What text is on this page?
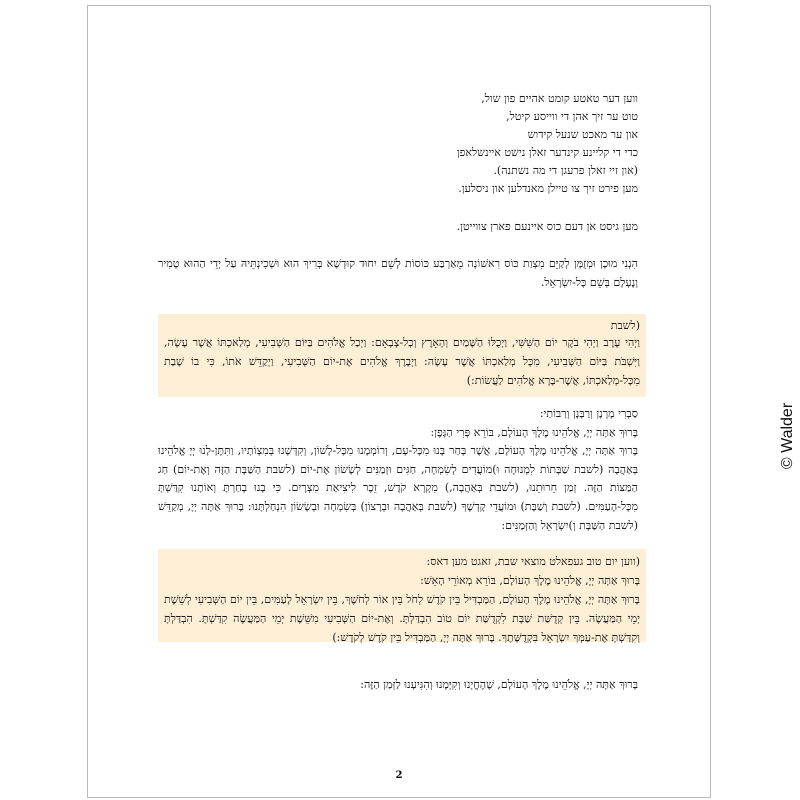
ווען דער טאטע קומט אהיים פון שול,
טוט ער זיך אהן די ווייסע קיטל,
און ער מאכט שנעל קידוש
כדי די קליינע קינדער זאלן נישט איינשלאפן
(און זיי זאלן פרעגן די מה נשתנה).
מען פירט זיך צו טיילן מאנדלען און ניסלען.
מען גיסט אן דעם כוס איינעם פארן צווייטן.
הִנְנִי מוּכָן וּמְזֻמָּן לְקַיֵּם מִצְוַת כּוֹס רִאשׁוֹנָה מֵאַרְבַּע כּוֹסוֹת לְשֵׁם יִחוּד קוּדְשָׁא בְּרִיךְ הוּא וּשְׁכִינְתֵּיהּ עַל יְדֵי הַהוּא טָמִיר וְנֶעְלָם בְּשֵׁם כָּל-יִשְׂרָאֵל.
(לשבת
וַיְהִי עֶרֶב וַיְהִי בֹקֶר יוֹם הַשִּׁשִּׁי, וַיְכֻלּוּ הַשָּׁמַיִם וְהָאָרֶץ וְכָל-צְבָאָם: וַיְכַל אֱלֹהִים בַּיּוֹם הַשְּׁבִיעִי, מְלַאכְתּוֹ אֲשֶׁר עָשָׂה, וַיִּשְׁבֹּת בַּיּוֹם הַשְּׁבִיעִי, מִכָּל מְלַאכְתּוֹ אֲשֶׁר עָשָׂה: וַיְבָרֶךְ אֱלֹהִים אֶת-יוֹם הַשְּׁבִיעִי, וַיְקַדֵּשׁ אֹתוֹ, כִּי בוֹ שָׁבַת מִכָּל-מְלַאכְתּוֹ, אֲשֶׁר-בָּרָא אֱלֹהִים לַעֲשׂוֹת:)
סַבְרִי מָרָנָן וְרַבָּנָן וְרַבּוֹתַי:
בָּרוּךְ אַתָּה יְיָ, אֱלֹהֵינוּ מֶלֶךְ הָעוֹלָם, בּוֹרֵא פְּרִי הַגָּפֶן:
בָּרוּךְ אַתָּה יְיָ, אֱלֹהֵינוּ מֶלֶךְ הָעוֹלָם, אֲשֶׁר בָּחַר בָּנוּ מִכָּל-עָם, וְרוֹמְמָנוּ מִכָּל-לָשׁוֹן, וְקִדְּשָׁנוּ בְּמִצְוֹתָיו, וַתִּתֶּן-לָנוּ יְיָ אֱלֹהֵינוּ בְּאַהֲבָה (לשבת שַׁבָּתוֹת לִמְנוּחָה וּ)מוֹעֲדִים לְשִׂמְחָה, חַגִּים וּזְמַנִּים לְשָׂשׂוֹן אֶת-יוֹם (לשבת הַשַּׁבָּת הַזֶּה וְאֶת-יוֹם) חַג הַמַּצּוֹת הַזֶּה. זְמַן חֵרוּתֵנוּ, (לשבת בְּאַהֲבָה,) מִקְרָא קֹדֶשׁ, זֵכֶר לִיצִיאַת מִצְרָיִם. כִּי בָנוּ בָחַרְתָּ וְאוֹתָנוּ קִדַּשְׁתָּ מִכָּל-הָעַמִּים. (לשבת וְשַׁבָּת) וּמוֹעֲדֵי קָדְשֶׁךָ (לשבת בְּאַהֲבָה וּבְרָצוֹן) בְּשִׂמְחָה וּבְשָׂשׂוֹן הִנְחַלְתָּנוּ: בָּרוּךְ אַתָּה יְיָ, מְקַדֵּשׁ (לשבת הַשַּׁבָּת וְ)יִשְׂרָאֵל וְהַזְּמַנִּים:
(ווען יום טוב געפאלט מוצאי שבת, זאגט מען דאס:
בָּרוּךְ אַתָּה יְיָ, אֱלֹהֵינוּ מֶלֶךְ הָעוֹלָם, בּוֹרֵא מְאוֹרֵי הָאֵשׁ:
בָּרוּךְ אַתָּה יְיָ, אֱלֹהֵינוּ מֶלֶךְ הָעוֹלָם, הַמַּבְדִּיל בֵּין קֹדֶשׁ לְחֹל בֵּין אוֹר לְחֹשֶׁךְ, בֵּין יִשְׂרָאֵל לָעַמִּים, בֵּין יוֹם הַשְּׁבִיעִי לְשֵׁשֶׁת יְמֵי הַמַּעֲשֶׂה. בֵּין קְדֻשַּׁת שַׁבָּת לִקְדֻשַּׁת יוֹם טוֹב הִבְדַּלְתָּ. וְאֶת-יוֹם הַשְּׁבִיעִי מִשֵּׁשֶׁת יְמֵי הַמַּעֲשֶׂה קִדַּשְׁתָּ. הִבְדַּלְתָּ וְקִדַּשְׁתָּ אֶת-עַמְּךָ יִשְׂרָאֵל בִּקְדֻשָּׁתֶךָ. בָּרוּךְ אַתָּה יְיָ, הַמַּבְדִּיל בֵּין קֹדֶשׁ לְקֹדֶשׁ:)
בָּרוּךְ אַתָּה יְיָ, אֱלֹהֵינוּ מֶלֶךְ הָעוֹלָם, שֶׁהֶחֱיָנוּ וְקִיְּמָנוּ וְהִגִּיעָנוּ לַזְּמַן הַזֶּה:
2
© Walder
